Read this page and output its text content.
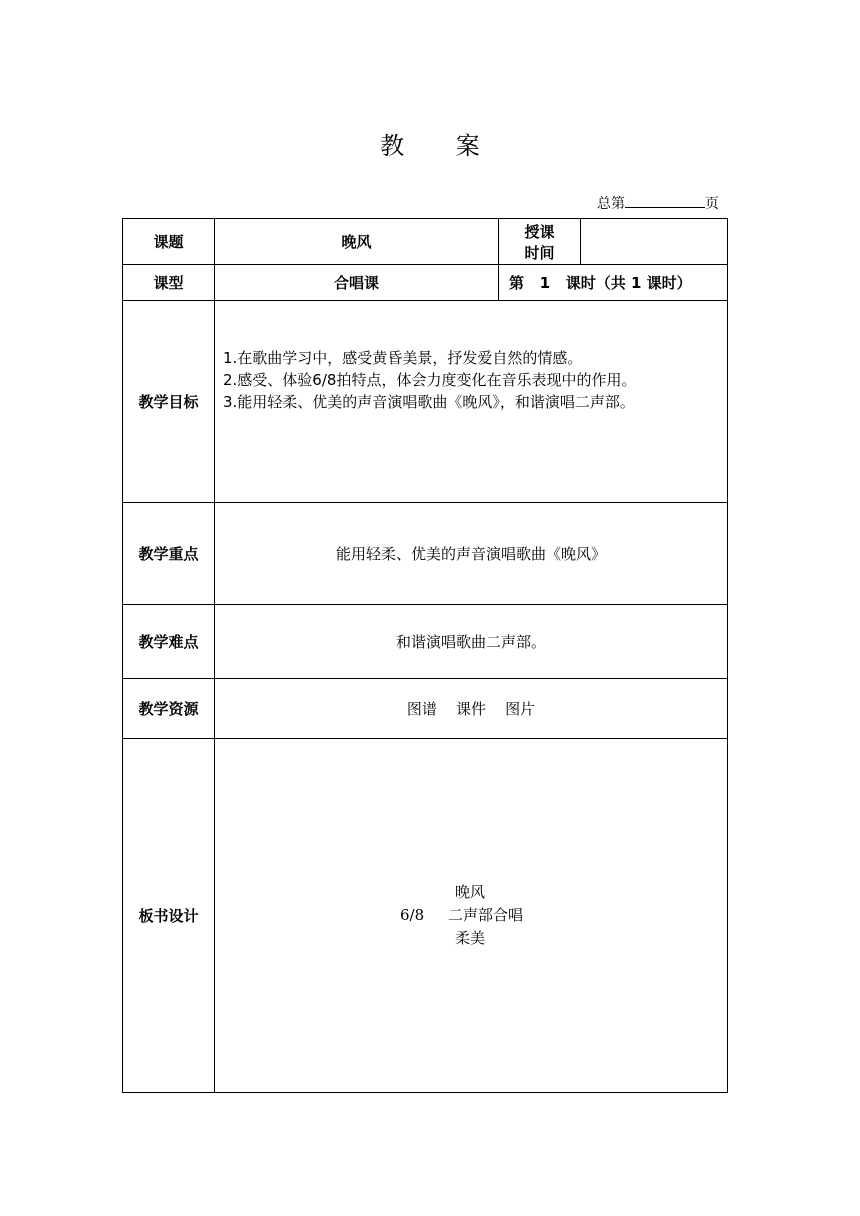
教 案
总第	页
课题	晚风	授课
时间	

课型	合唱课	第   1   课时（共 1 课时）	
教学目标	1.在歌曲学习中，感受黄昏美景，抒发爱自然的情感。
2.感受、体验6/8拍特点，体会力度变化在音乐表现中的作用。
3.能用轻柔、优美的声音演唱歌曲《晚风》，和谐演唱二声部。		

教学重点	能用轻柔、优美的声音演唱歌曲《晚风》		
教学难点	和谐演唱歌曲二声部。		
教学资源	图谱    课件    图片		
板书设计	晚风
6/8     二声部合唱
柔美		
